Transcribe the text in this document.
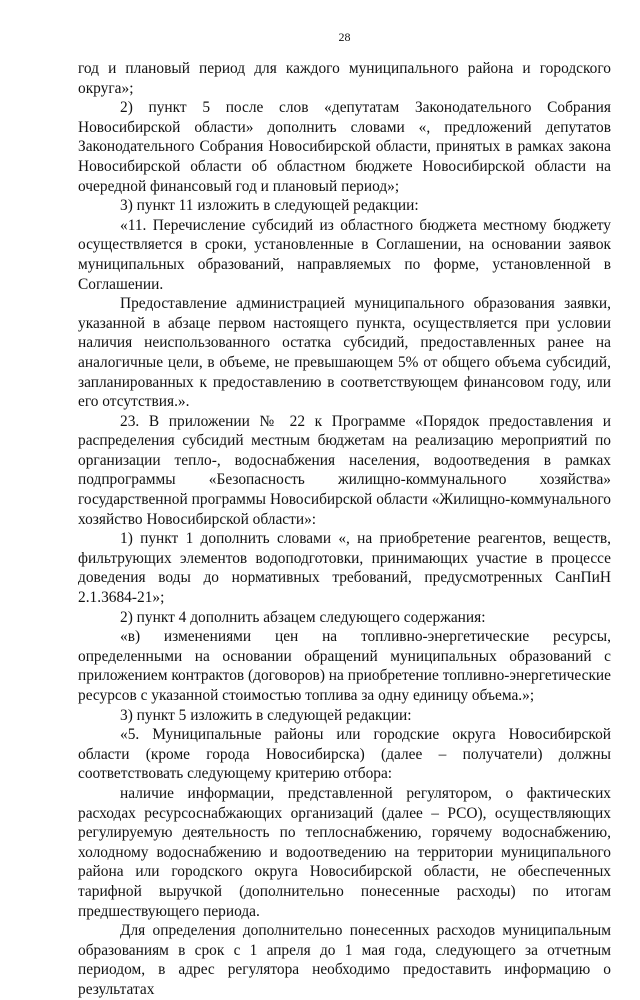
28

год и плановый период для каждого муниципального района и городского округа»;

2) пункт 5 после слов «депутатам Законодательного Собрания Новосибирской области» дополнить словами «, предложений депутатов Законодательного Собрания Новосибирской области, принятых в рамках закона Новосибирской области об областном бюджете Новосибирской области на очередной финансовый год и плановый период»;

3) пункт 11 изложить в следующей редакции:

«11. Перечисление субсидий из областного бюджета местному бюджету осуществляется в сроки, установленные в Соглашении, на основании заявок муниципальных образований, направляемых по форме, установленной в Соглашении.

Предоставление администрацией муниципального образования заявки, указанной в абзаце первом настоящего пункта, осуществляется при условии наличия неиспользованного остатка субсидий, предоставленных ранее на аналогичные цели, в объеме, не превышающем 5% от общего объема субсидий, запланированных к предоставлению в соответствующем финансовом году, или его отсутствия.».

23. В приложении № 22 к Программе «Порядок предоставления и распределения субсидий местным бюджетам на реализацию мероприятий по организации тепло-, водоснабжения населения, водоотведения в рамках подпрограммы «Безопасность жилищно-коммунального хозяйства» государственной программы Новосибирской области «Жилищно-коммунального хозяйство Новосибирской области»:

1) пункт 1 дополнить словами «, на приобретение реагентов, веществ, фильтрующих элементов водоподготовки, принимающих участие в процессе доведения воды до нормативных требований, предусмотренных СанПиН 2.1.3684-21»;

2) пункт 4 дополнить абзацем следующего содержания:

«в) изменениями цен на топливно-энергетические ресурсы, определенными на основании обращений муниципальных образований с приложением контрактов (договоров) на приобретение топливно-энергетические ресурсов с указанной стоимостью топлива за одну единицу объема.»;

3) пункт 5 изложить в следующей редакции:

«5. Муниципальные районы или городские округа Новосибирской области (кроме города Новосибирска) (далее – получатели) должны соответствовать следующему критерию отбора:

наличие информации, представленной регулятором, о фактических расходах ресурсоснабжающих организаций (далее – РСО), осуществляющих регулируемую деятельность по теплоснабжению, горячему водоснабжению, холодному водоснабжению и водоотведению на территории муниципального района или городского округа Новосибирской области, не обеспеченных тарифной выручкой (дополнительно понесенные расходы) по итогам предшествующего периода.

Для определения дополнительно понесенных расходов муниципальным образованиям в срок с 1 апреля до 1 мая года, следующего за отчетным периодом, в адрес регулятора необходимо предоставить информацию о результатах
